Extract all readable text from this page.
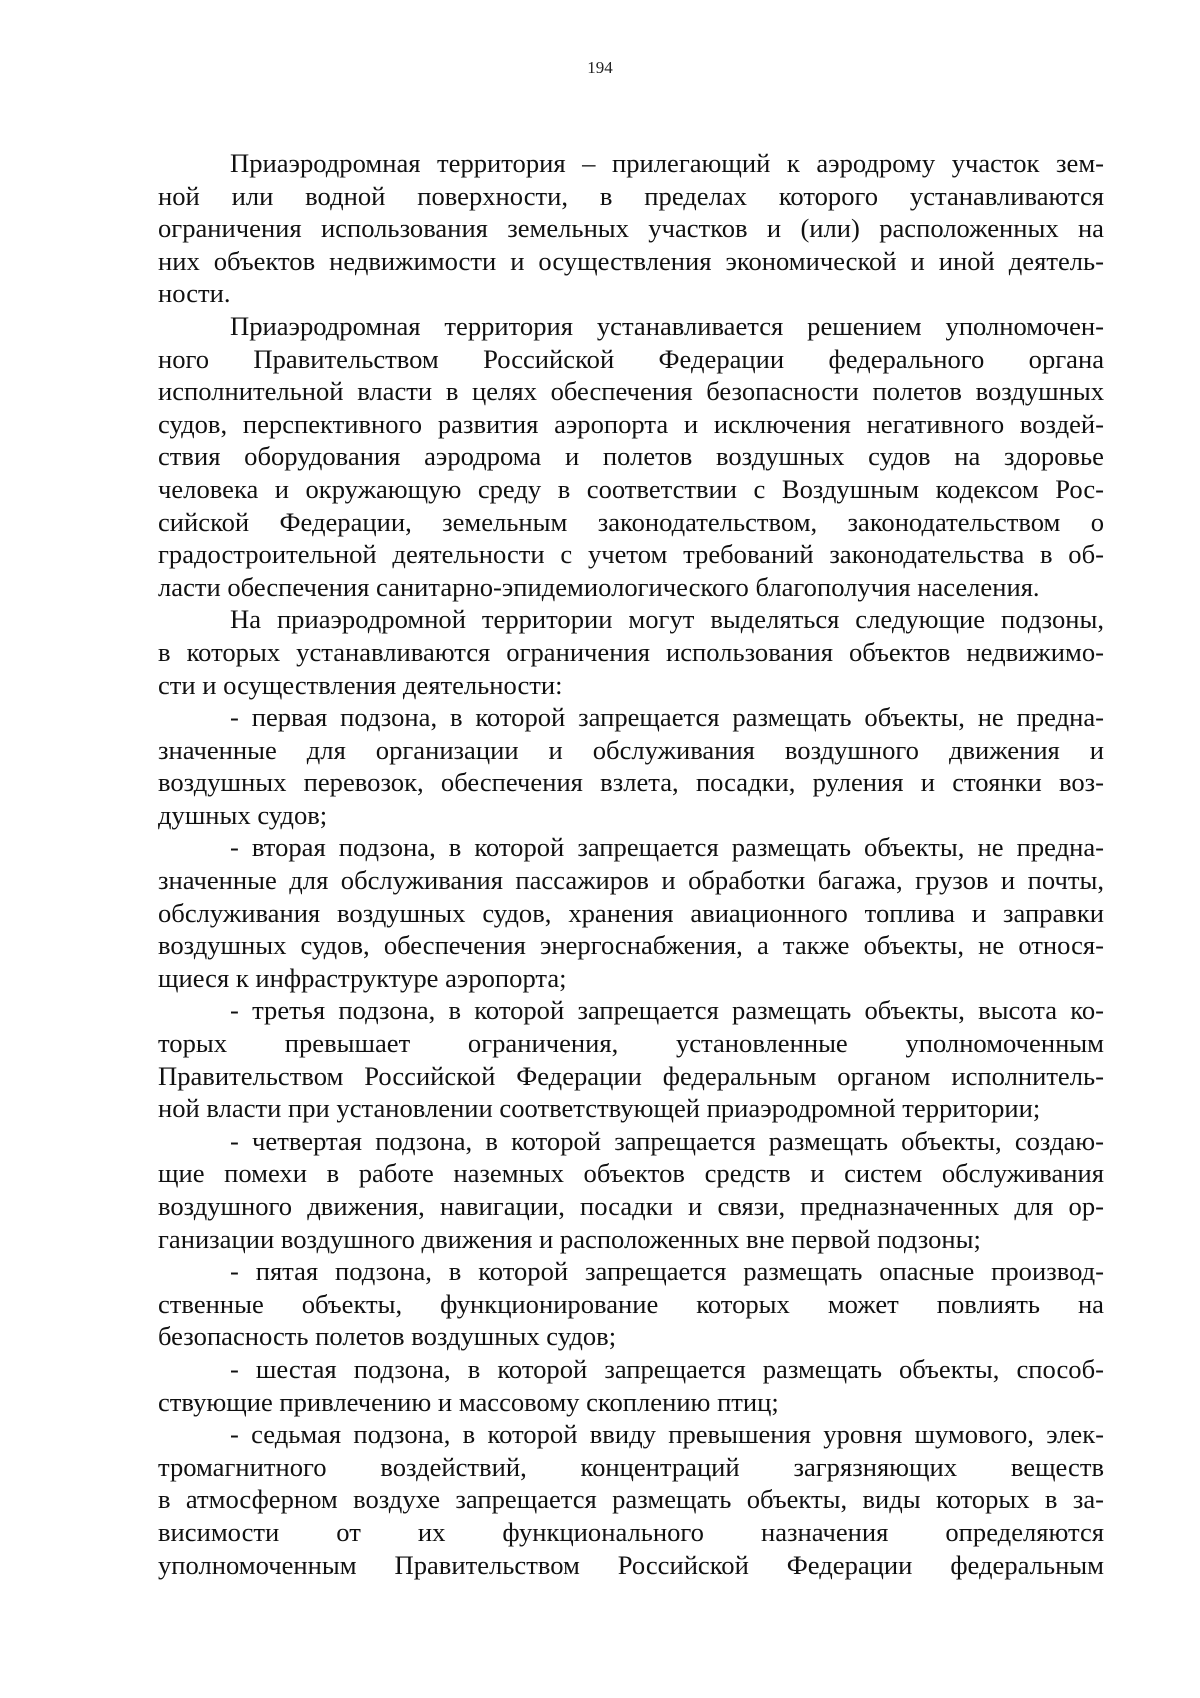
194
Приаэродромная территория – прилегающий к аэродрому участок зем-
ной или водной поверхности, в пределах которого устанавливаются
ограничения использования земельных участков и (или) расположенных на
них объектов недвижимости и осуществления экономической и иной деятель-
ности.
Приаэродромная территория устанавливается решением уполномочен-
ного Правительством Российской Федерации федерального органа
исполнительной власти в целях обеспечения безопасности полетов воздушных
судов, перспективного развития аэропорта и исключения негативного воздей-
ствия оборудования аэродрома и полетов воздушных судов на здоровье
человека и окружающую среду в соответствии с Воздушным кодексом Рос-
сийской Федерации, земельным законодательством, законодательством о
градостроительной деятельности с учетом требований законодательства в об-
ласти обеспечения санитарно-эпидемиологического благополучия населения.
На приаэродромной территории могут выделяться следующие подзоны,
в которых устанавливаются ограничения использования объектов недвижимо-
сти и осуществления деятельности:
- первая подзона, в которой запрещается размещать объекты, не предна-
значенные для организации и обслуживания воздушного движения и
воздушных перевозок, обеспечения взлета, посадки, руления и стоянки воз-
душных судов;
- вторая подзона, в которой запрещается размещать объекты, не предна-
значенные для обслуживания пассажиров и обработки багажа, грузов и почты,
обслуживания воздушных судов, хранения авиационного топлива и заправки
воздушных судов, обеспечения энергоснабжения, а также объекты, не относя-
щиеся к инфраструктуре аэропорта;
- третья подзона, в которой запрещается размещать объекты, высота ко-
торых превышает ограничения, установленные уполномоченным
Правительством Российской Федерации федеральным органом исполнитель-
ной власти при установлении соответствующей приаэродромной территории;
- четвертая подзона, в которой запрещается размещать объекты, создаю-
щие помехи в работе наземных объектов средств и систем обслуживания
воздушного движения, навигации, посадки и связи, предназначенных для ор-
ганизации воздушного движения и расположенных вне первой подзоны;
- пятая подзона, в которой запрещается размещать опасные производ-
ственные объекты, функционирование которых может повлиять на
безопасность полетов воздушных судов;
- шестая подзона, в которой запрещается размещать объекты, способ-
ствующие привлечению и массовому скоплению птиц;
- седьмая подзона, в которой ввиду превышения уровня шумового, элек-
тромагнитного воздействий, концентраций загрязняющих веществ
в атмосферном воздухе запрещается размещать объекты, виды которых в за-
висимости от их функционального назначения определяются
уполномоченным Правительством Российской Федерации федеральным
